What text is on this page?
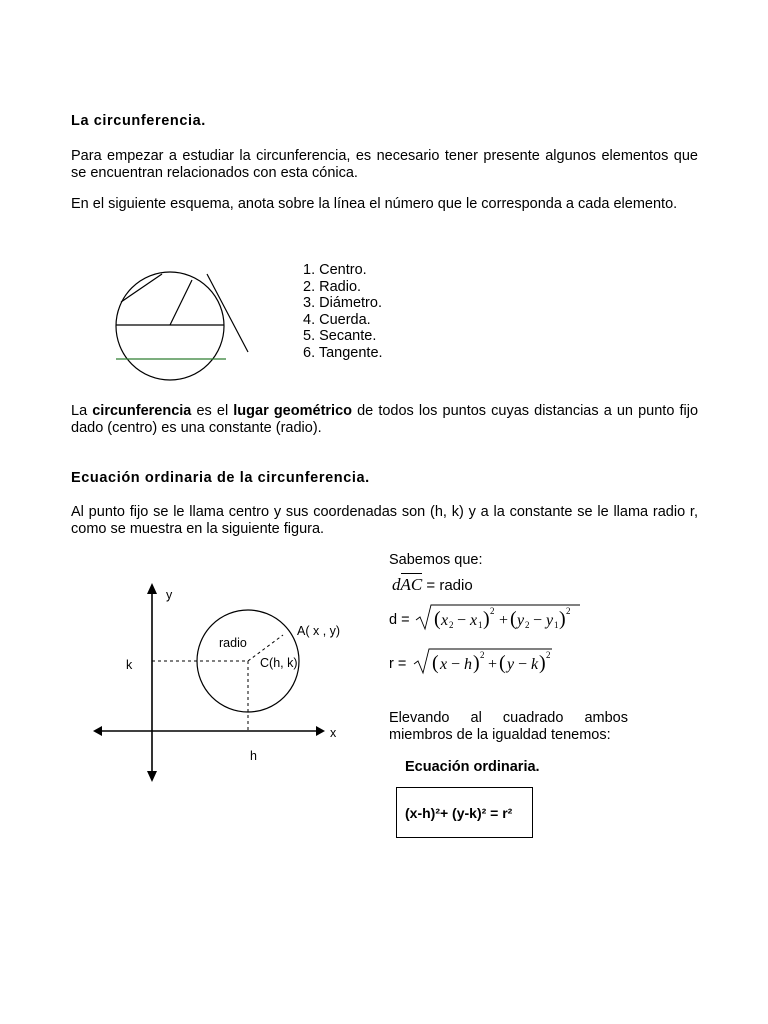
La circunferencia.
Para empezar a estudiar la circunferencia, es necesario tener presente algunos elementos que se encuentran relacionados con esta cónica.
En el siguiente esquema, anota sobre la línea el número que le corresponda a cada elemento.
1. Centro.
2. Radio.
3. Diámetro.
4. Cuerda.
5. Secante.
6. Tangente.
La circunferencia es el lugar geométrico de todos los puntos cuyas distancias a un punto fijo dado (centro) es una constante (radio).
Ecuación ordinaria de la circunferencia.
Al punto fijo se le llama centro y sus coordenadas son (h, k) y a la constante se le llama radio r, como se muestra en la siguiente figura.
y
x
k
h
radio
A( x , y)
C(h, k)
Sabemos que:
dAC = radio
d = ( x 2 − x 1 ) 2
+ ( y 2 − y 1 ) 2
r = ( x − h ) 2
+ ( y − k ) 2
Elevando al cuadrado ambos miembros de la igualdad tenemos:
Ecuación ordinaria.
(x-h)²+ (y-k)² = r²
